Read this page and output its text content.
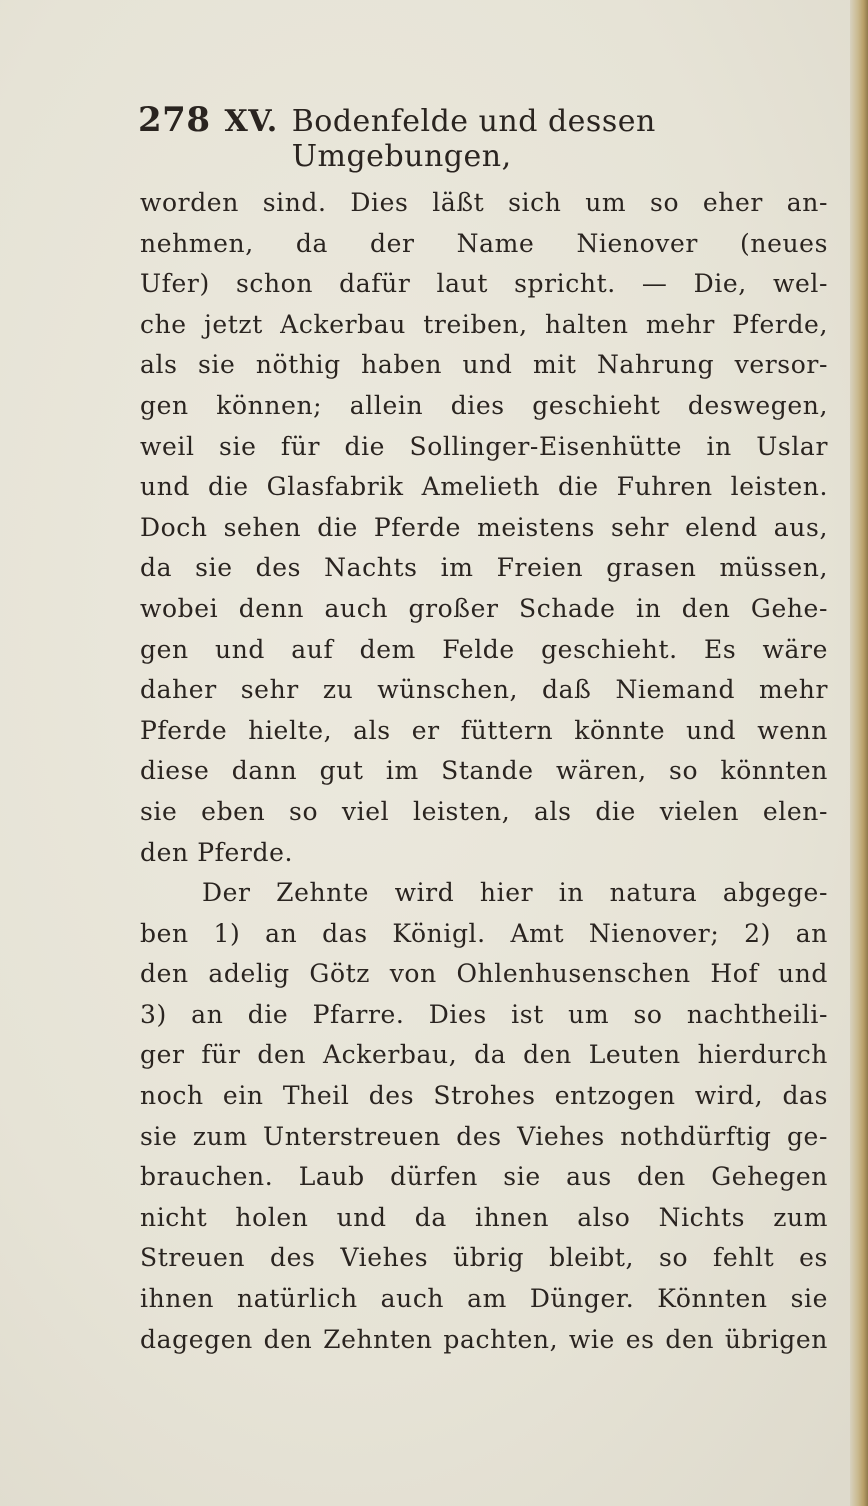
278 XV. Bodenfelde und dessen Umgebungen,
worden sind. Dies läßt sich um so eher an-
nehmen, da der Name Nienover (neues
Ufer) schon dafür laut spricht. — Die, wel-
che jetzt Ackerbau treiben, halten mehr Pferde,
als sie nöthig haben und mit Nahrung versor-
gen können; allein dies geschieht deswegen,
weil sie für die Sollinger-Eisenhütte in Uslar
und die Glasfabrik Amelieth die Fuhren leisten.
Doch sehen die Pferde meistens sehr elend aus,
da sie des Nachts im Freien grasen müssen,
wobei denn auch großer Schade in den Gehe-
gen und auf dem Felde geschieht. Es wäre
daher sehr zu wünschen, daß Niemand mehr
Pferde hielte, als er füttern könnte und wenn
diese dann gut im Stande wären, so könnten
sie eben so viel leisten, als die vielen elen-
den Pferde.
Der Zehnte wird hier in natura abgege-
ben 1) an das Königl. Amt Nienover; 2) an
den adelig Götz von Ohlenhusenschen Hof und
3) an die Pfarre. Dies ist um so nachtheili-
ger für den Ackerbau, da den Leuten hierdurch
noch ein Theil des Strohes entzogen wird, das
sie zum Unterstreuen des Viehes nothdürftig ge-
brauchen. Laub dürfen sie aus den Gehegen
nicht holen und da ihnen also Nichts zum
Streuen des Viehes übrig bleibt, so fehlt es
ihnen natürlich auch am Dünger. Könnten sie
dagegen den Zehnten pachten, wie es den übrigen
